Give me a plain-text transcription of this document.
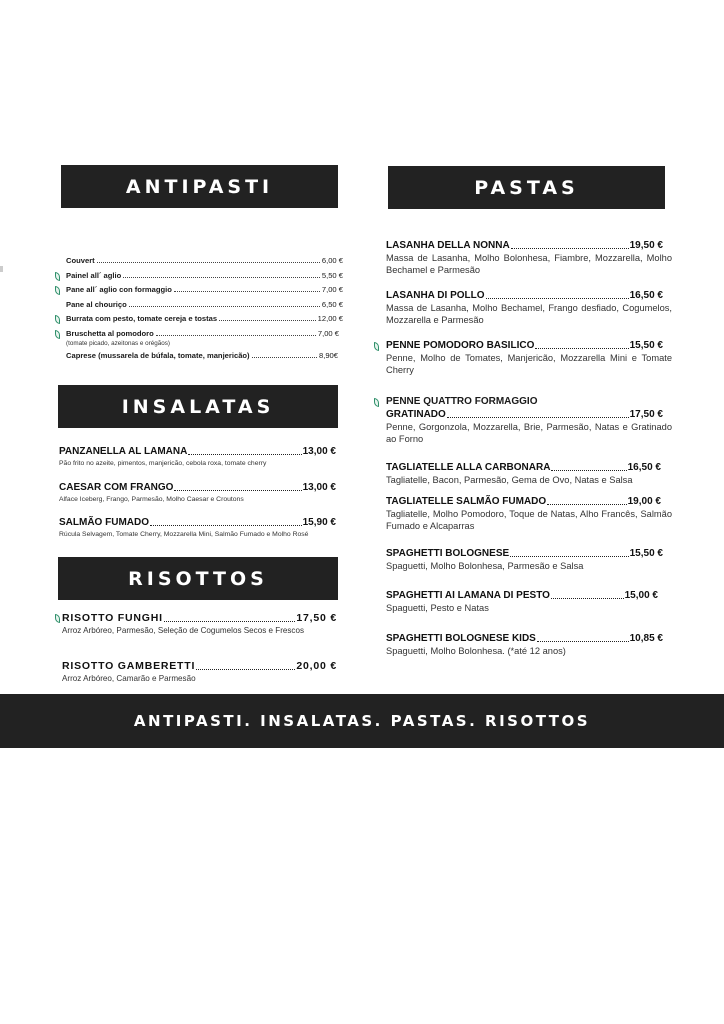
ANTIPASTI	PASTAS
INSALATAS
RISOTTOS
Couvert	6,00 €
Painel all´ aglio	5,50 €
Pane all´ aglio con formaggio	7,00 €
Pane al chouriço	6,50 €
Burrata com pesto, tomate cereja e tostas	12,00 €
Bruschetta al pomodoro	7,00 €
(tomate picado, azeitonas e orégãos)
Caprese (mussarela de búfala, tomate, manjericão)	8,90€
PANZANELLA AL LAMANA	13,00 €
Pão frito no azeite, pimentos, manjericão, cebola roxa, tomate cherry
CAESAR COM FRANGO	13,00 €
Alface Iceberg, Frango, Parmesão, Molho Caesar e Croutons
SALMÃO FUMADO	15,90 €
Rúcula Selvagem, Tomate Cherry, Mozzarella Mini, Salmão Fumado e Molho Rosé
RISOTTO FUNGHI	17,50 €
Arroz Arbóreo, Parmesão, Seleção de Cogumelos Secos e Frescos
RISOTTO GAMBERETTI	20,00 €
Arroz Arbóreo, Camarão e Parmesão
LASANHA DELLA NONNA	19,50 €
Massa de Lasanha, Molho Bolonhesa, Fiambre, Mozzarella, Molho Bechamel e Parmesão
LASANHA DI POLLO	16,50 €
Massa de Lasanha, Molho Bechamel, Frango desfiado, Cogumelos, Mozzarella e Parmesão
PENNE POMODORO BASILICO	15,50 €
Penne, Molho de Tomates, Manjericão, Mozzarella Mini e Tomate Cherry
PENNE QUATTRO FORMAGGIO
GRATINADO	17,50 €
Penne, Gorgonzola, Mozzarella, Brie, Parmesão, Natas e Gratinado ao Forno
TAGLIATELLE ALLA CARBONARA	16,50 €
Tagliatelle, Bacon, Parmesão, Gema de Ovo, Natas e Salsa
TAGLIATELLE SALMÃO FUMADO	19,00 €
Tagliatelle, Molho Pomodoro, Toque de Natas, Alho Francês, Salmão Fumado e Alcaparras
SPAGHETTI BOLOGNESE	15,50 €
Spaguetti, Molho Bolonhesa, Parmesão e Salsa
SPAGHETTI AI LAMANA DI PESTO	15,00 €
Spaguetti, Pesto e Natas
SPAGHETTI BOLOGNESE KIDS	10,85 €
Spaguetti, Molho Bolonhesa. (*até 12 anos)
ANTIPASTI. INSALATAS. PASTAS. RISOTTOS
